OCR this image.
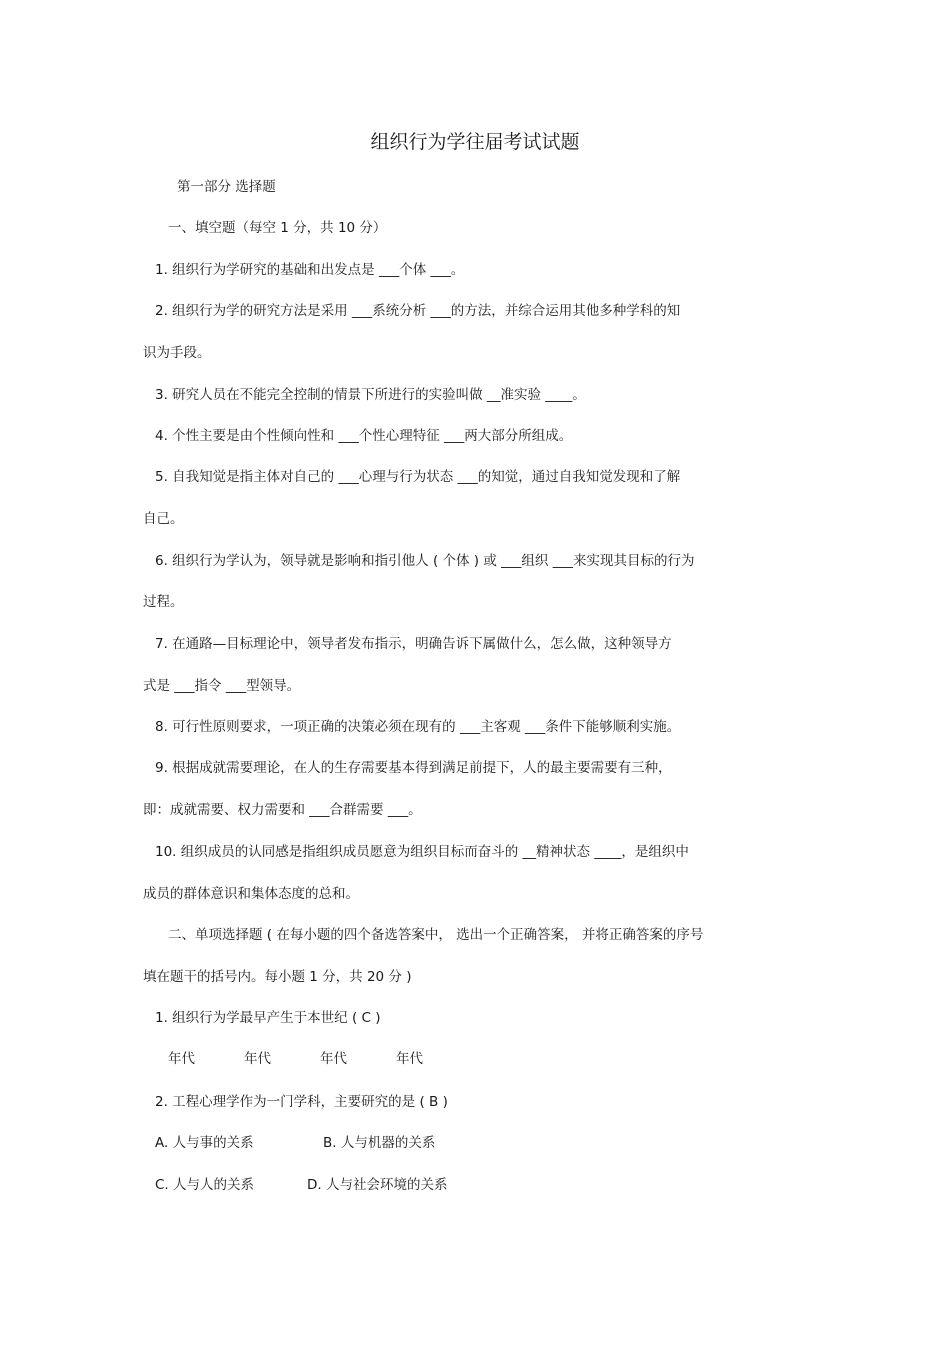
组织行为学往届考试试题
第一部分 选择题
一、填空题（每空 1 分，共 10 分）
1. 组织行为学研究的基础和出发点是 ___个体 ___。
2. 组织行为学的研究方法是采用 ___系统分析 ___的方法，并综合运用其他多种学科的知
识为手段。
3. 研究人员在不能完全控制的情景下所进行的实验叫做 __准实验 ____。
4. 个性主要是由个性倾向性和 ___个性心理特征 ___两大部分所组成。
5. 自我知觉是指主体对自己的 ___心理与行为状态 ___的知觉，通过自我知觉发现和了解
自己。
6. 组织行为学认为，领导就是影响和指引他人 ( 个体 ) 或 ___组织 ___来实现其目标的行为
过程。
7. 在通路—目标理论中，领导者发布指示，明确告诉下属做什么，怎么做，这种领导方
式是 ___指令 ___型领导。
8. 可行性原则要求，一项正确的决策必须在现有的 ___主客观 ___条件下能够顺利实施。
9. 根据成就需要理论，在人的生存需要基本得到满足前提下，人的最主要需要有三种，
即：成就需要、权力需要和 ___合群需要 ___。
10. 组织成员的认同感是指组织成员愿意为组织目标而奋斗的 __精神状态 ____，是组织中
成员的群体意识和集体态度的总和。
二、单项选择题 ( 在每小题的四个备选答案中， 选出一个正确答案， 并将正确答案的序号
填在题干的括号内。每小题 1 分，共 20 分 )
1. 组织行为学最早产生于本世纪 ( C )
年代	年代	年代	年代
2. 工程心理学作为一门学科，主要研究的是 ( B )
A. 人与事的关系	B. 人与机器的关系
C. 人与人的关系	D. 人与社会环境的关系
